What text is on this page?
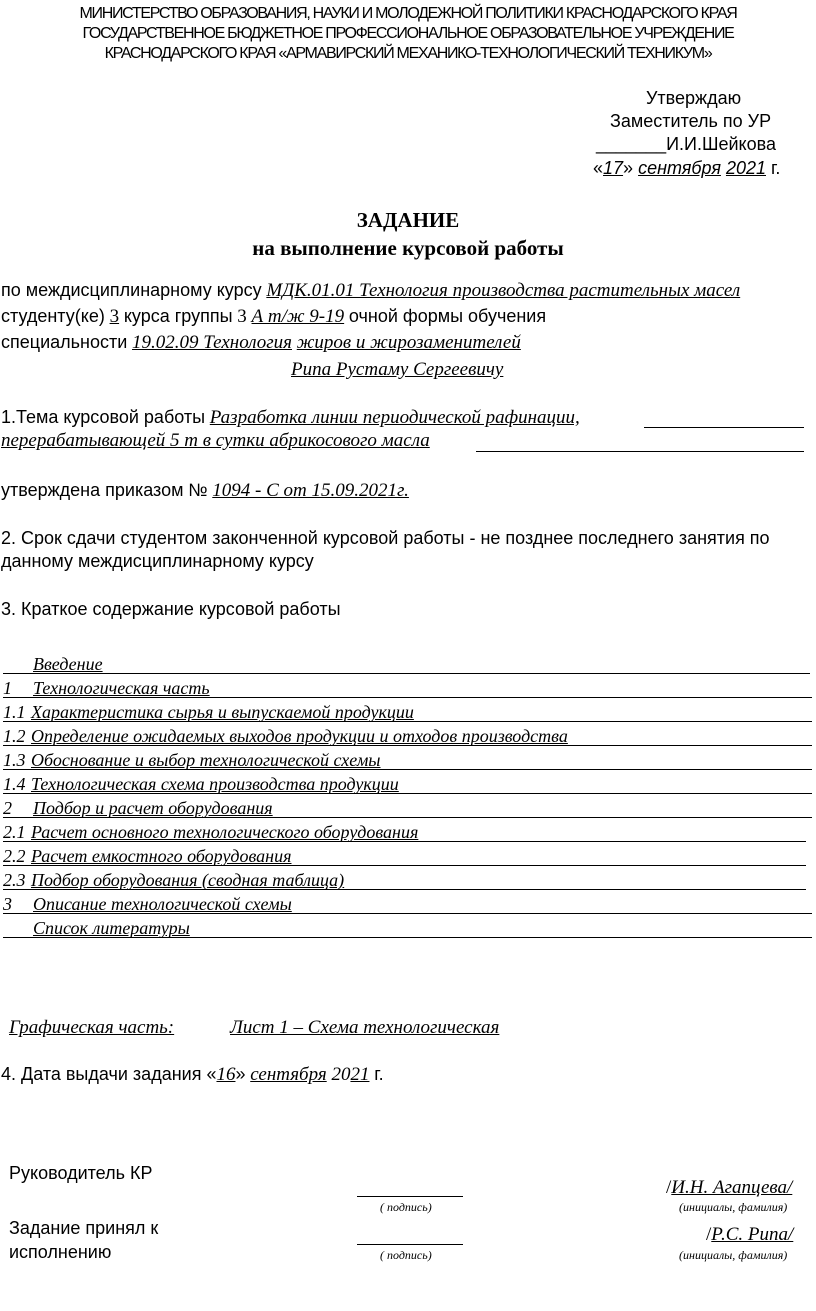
МИНИСТЕРСТВО ОБРАЗОВАНИЯ, НАУКИ И МОЛОДЕЖНОЙ ПОЛИТИКИ КРАСНОДАРСКОГО КРАЯ
ГОСУДАРСТВЕННОЕ БЮДЖЕТНОЕ ПРОФЕССИОНАЛЬНОЕ ОБРАЗОВАТЕЛЬНОЕ УЧРЕЖДЕНИЕ
КРАСНОДАРСКОГО КРАЯ «АРМАВИРСКИЙ МЕХАНИКО-ТЕХНОЛОГИЧЕСКИЙ ТЕХНИКУМ»
Утверждаю
Заместитель по УР
_______И.И.Шейкова
«17» сентября 2021 г.
ЗАДАНИЕ
на выполнение курсовой работы
по междисциплинарному курсу МДК.01.01 Технология производства растительных масел
студенту(ке) 3 курса группы 3 А т/ж 9-19 очной формы обучения
специальности 19.02.09 Технология жиров и жирозаменителей
Рипа Рустаму Сергеевичу
1.Тема курсовой работы Разработка линии периодической рафинации,
перерабатывающей 5 т в сутки абрикосового масла
утверждена приказом № 1094 - С от 15.09.2021г.
2. Срок сдачи студентом законченной курсовой работы - не позднее последнего занятия по
данному междисциплинарному курсу
3. Краткое содержание курсовой работы
Введение
1 Технологическая часть
1.1 Характеристика сырья и выпускаемой продукции
1.2 Определение ожидаемых выходов продукции и отходов производства
1.3 Обоснование и выбор технологической схемы
1.4 Технологическая схема производства продукции
2 Подбор и расчет оборудования
2.1 Расчет основного технологического оборудования
2.2 Расчет емкостного оборудования
2.3 Подбор оборудования (сводная таблица)
3 Описание технологической схемы
Список литературы
Графическая часть:	Лист 1 – Схема технологическая
4. Дата выдачи задания «16» сентября 2021 г.
Руководитель КР
( подпись)
/И.Н. Агапцева/
(инициалы, фамилия)
Задание принял к
исполнению	( подпись)
/Р.С. Рипа/
(инициалы, фамилия)
